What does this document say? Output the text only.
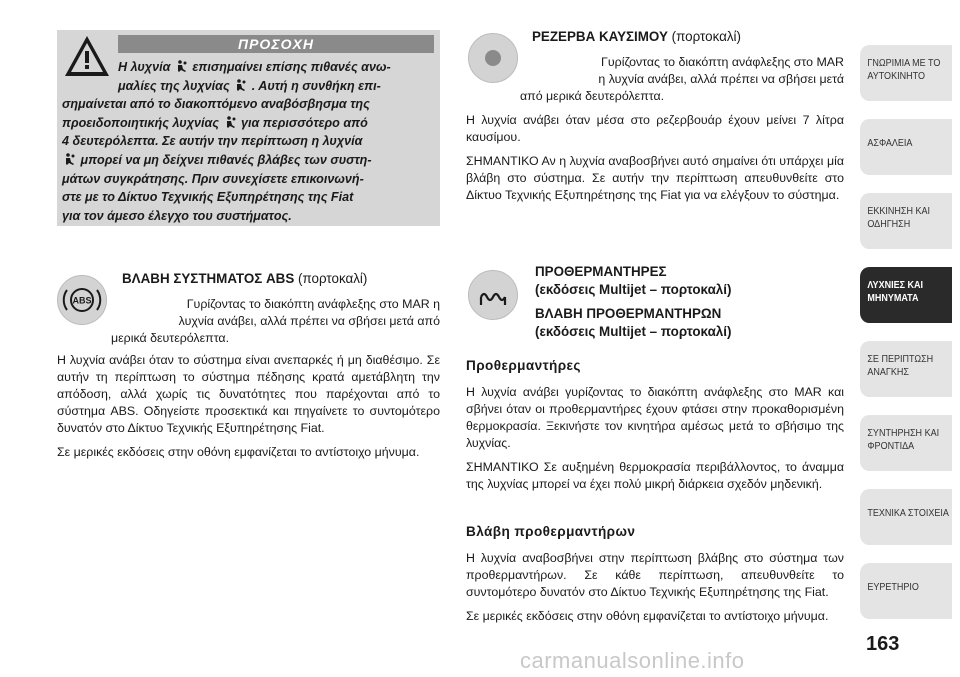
ΠΡΟΣΟΧΗ
Η λυχνία επισημαίνει επίσης πιθανές ανω-
μαλίες της λυχνίας . Αυτή η συνθήκη επι-
σημαίνεται από το διακοπτόμενο αναβόσβησμα της
προειδοποιητικής λυχνίας για περισσότερο από
4 δευτερόλεπτα. Σε αυτήν την περίπτωση η λυχνία
μπορεί να μη δείχνει πιθανές βλάβες των συστη-
μάτων συγκράτησης. Πριν συνεχίσετε επικοινωνή-
στε με το Δίκτυο Τεχνικής Εξυπηρέτησης της Fiat
για τον άμεσο έλεγχο του συστήματος.
ABS
ΒΛΑΒΗ ΣΥΣΤΗΜΑΤΟΣ ABS (πορτοκαλί)
Γυρίζοντας το διακόπτη ανάφλεξης στο MAR η
λυχνία ανάβει, αλλά πρέπει να σβήσει μετά από
μερικά δευτερόλεπτα.

Η λυχνία ανάβει όταν το σύστημα είναι ανεπαρκές ή μη διαθέσιμο. Σε αυτήν τη περίπτωση το σύστημα πέδησης κρατά αμετάβλητη την απόδοση, αλλά χωρίς τις δυνατότητες που παρέχονται από το σύστημα ABS. Οδηγείστε προσεκτικά και πηγαίνετε το συντομότερο δυνατόν στο Δίκτυο Τεχνικής Εξυπηρέτησης Fiat.

Σε μερικές εκδόσεις στην οθόνη εμφανίζεται το αντίστοιχο μήνυμα.

ΡΕΖΕΡΒΑ ΚΑΥΣΙΜΟΥ (πορτοκαλί)
Γυρίζοντας το διακόπτη ανάφλεξης στο MAR
η λυχνία ανάβει, αλλά πρέπει να σβήσει μετά
από μερικά δευτερόλεπτα.

Η λυχνία ανάβει όταν μέσα στο ρεζερβουάρ έχουν μείνει 7 λίτρα καυσίμου.

ΣΗΜΑΝΤΙΚΟ Αν η λυχνία αναβοσβήνει αυτό σημαίνει ότι υπάρχει μία βλάβη στο σύστημα. Σε αυτήν την περίπτωση απευθυνθείτε στο Δίκτυο Τεχνικής Εξυπηρέτησης της Fiat για να ελέγξουν το σύστημα.

ΠΡΟΘΕΡΜΑΝΤΗΡΕΣ
(εκδόσεις Multijet – πορτοκαλί)
ΒΛΑΒΗ ΠΡΟΘΕΡΜΑΝΤΗΡΩΝ
(εκδόσεις Multijet – πορτοκαλί)
Προθερμαντήρες

Η λυχνία ανάβει γυρίζοντας το διακόπτη ανάφλεξης στο MAR και σβήνει όταν οι προθερμαντήρες έχουν φτάσει στην προκαθορισμένη θερμοκρασία. Ξεκινήστε τον κινητήρα αμέσως μετά το σβήσιμο της λυχνίας.

ΣΗΜΑΝΤΙΚΟ Σε αυξημένη θερμοκρασία περιβάλλοντος, το άναμμα της λυχνίας μπορεί να έχει πολύ μικρή διάρκεια σχεδόν μηδενική.

Βλάβη προθερμαντήρων

Η λυχνία αναβοσβήνει στην περίπτωση βλάβης στο σύστημα των προθερμαντήρων. Σε κάθε περίπτωση, απευθυνθείτε το συντομότερο δυνατόν στο Δίκτυο Τεχνικής Εξυπηρέτησης της Fiat.

Σε μερικές εκδόσεις στην οθόνη εμφανίζεται το αντίστοιχο μήνυμα.

ΓΝΩΡΙΜΙΑ ΜΕ ΤΟ
ΑΥΤΟΚΙΝΗΤΟ
ΑΣΦΑΛΕΙΑ
ΕΚΚΙΝΗΣΗ ΚΑΙ
ΟΔΗΓΗΣΗ
ΛΥΧΝΙΕΣ ΚΑΙ
ΜΗΝΥΜΑΤΑ
ΣΕ ΠΕΡΙΠΤΩΣΗ
ΑΝΑΓΚΗΣ
ΣΥΝΤΗΡΗΣΗ ΚΑΙ
ΦΡΟΝΤΙΔΑ
ΤΕΧΝΙΚΑ ΣΤΟΙΧΕΙΑ
ΕΥΡΕΤΗΡΙΟ
163
carmanualsonline.info
